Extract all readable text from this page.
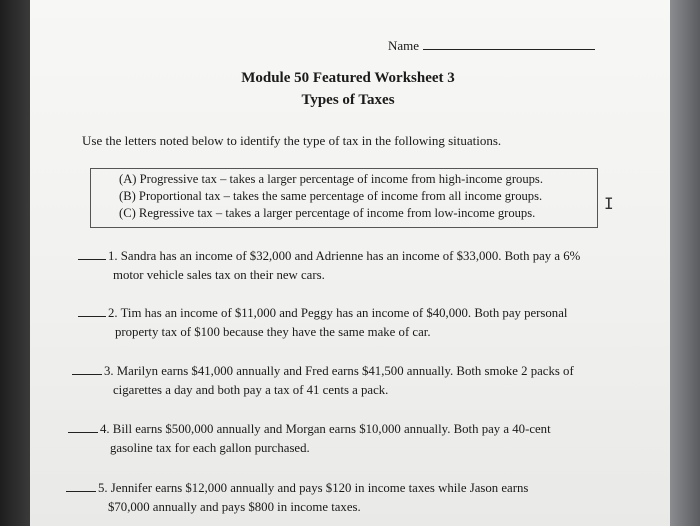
Name
Module 50 Featured Worksheet 3
Types of Taxes
Use the letters noted below to identify the type of tax in the following situations.
(A) Progressive tax – takes a larger percentage of income from high-income groups.
(B) Proportional tax – takes the same percentage of income from all income groups.
(C) Regressive tax – takes a larger percentage of income from low-income groups.	I
1. Sandra has an income of $32,000 and Adrienne has an income of $33,000. Both pay a 6%
motor vehicle sales tax on their new cars.
2. Tim has an income of $11,000 and Peggy has an income of $40,000. Both pay personal
property tax of $100 because they have the same make of car.
3. Marilyn earns $41,000 annually and Fred earns $41,500 annually. Both smoke 2 packs of
cigarettes a day and both pay a tax of 41 cents a pack.
4. Bill earns $500,000 annually and Morgan earns $10,000 annually. Both pay a 40-cent
gasoline tax for each gallon purchased.
5. Jennifer earns $12,000 annually and pays $120 in income taxes while Jason earns
$70,000 annually and pays $800 in income taxes.
